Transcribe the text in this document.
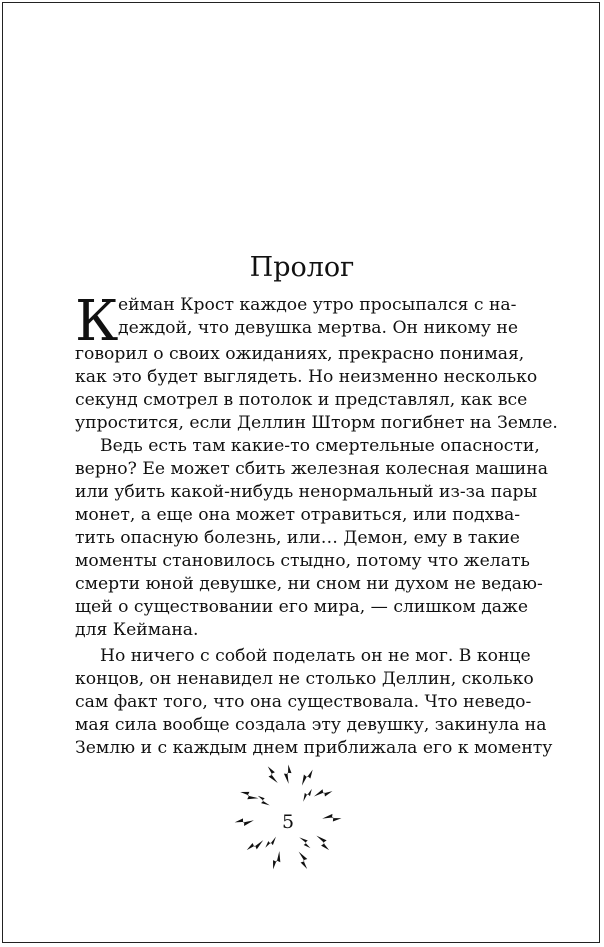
Пролог
К ейман Крост каждое утро просыпался с на-
деждой, что девушка мертва. Он никому не
говорил о своих ожиданиях, прекрасно понимая,
как это будет выглядеть. Но неизменно несколько
секунд смотрел в потолок и представлял, как все
упростится, если Деллин Шторм погибнет на Земле.
Ведь есть там какие-то смертельные опасности,
верно? Ее может сбить железная колесная машина
или убить какой-нибудь ненормальный из-за пары
монет, а еще она может отравиться, или подхва-
тить опасную болезнь, или… Демон, ему в такие
моменты становилось стыдно, потому что желать
смерти юной девушке, ни сном ни духом не ведаю-
щей о существовании его мира, — слишком даже
для Кеймана.
Но ничего с собой поделать он не мог. В конце
концов, он ненавидел не столько Деллин, сколько
сам факт того, что она существовала. Что неведо-
мая сила вообще создала эту девушку, закинула на
Землю и с каждым днем приближала его к моменту
5
